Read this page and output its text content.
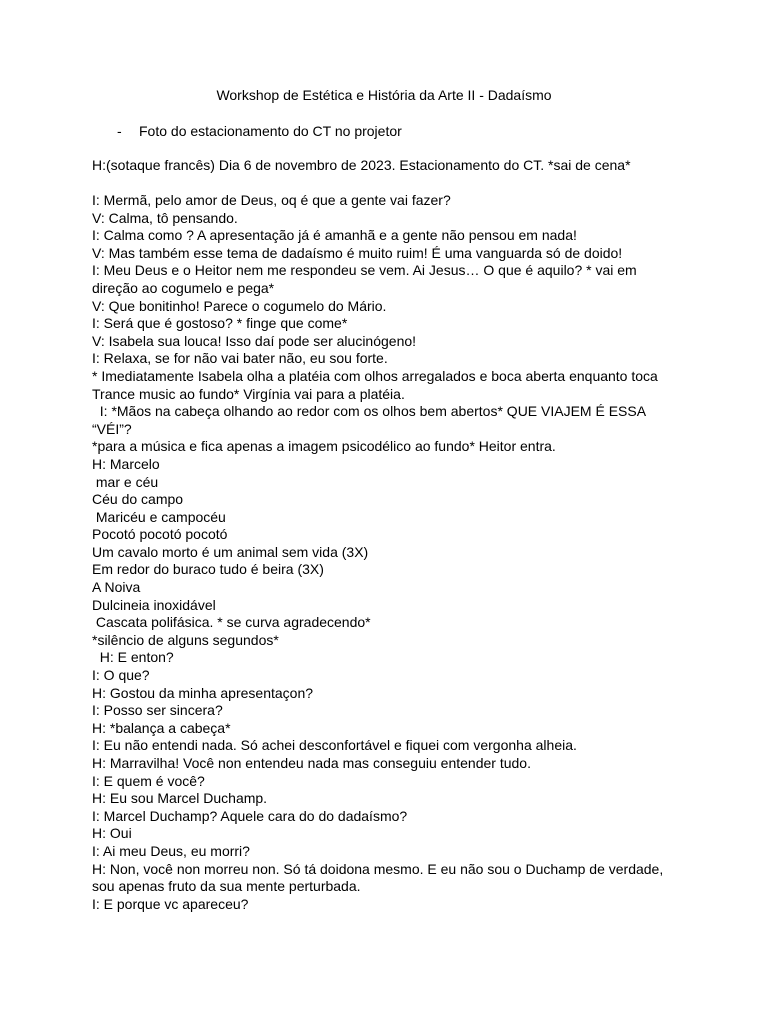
Workshop de Estética e História da Arte II - Dadaísmo
- Foto do estacionamento do CT no projetor
H:(sotaque francês) Dia 6 de novembro de 2023. Estacionamento do CT. *sai de cena*
I: Mermã, pelo amor de Deus, oq é que a gente vai fazer?
V: Calma, tô pensando.
I: Calma como ? A apresentação já é amanhã e a gente não pensou em nada!
V: Mas também esse tema de dadaísmo é muito ruim! É uma vanguarda só de doido!
I: Meu Deus e o Heitor nem me respondeu se vem. Ai Jesus… O que é aquilo? * vai em
direção ao cogumelo e pega*
V: Que bonitinho! Parece o cogumelo do Mário.
I: Será que é gostoso? * finge que come*
V: Isabela sua louca! Isso daí pode ser alucinógeno!
I: Relaxa, se for não vai bater não, eu sou forte.
* Imediatamente Isabela olha a platéia com olhos arregalados e boca aberta enquanto toca
Trance music ao fundo* Virgínia vai para a platéia.
I: *Mãos na cabeça olhando ao redor com os olhos bem abertos* QUE VIAJEM É ESSA
“VÉI”?
*para a música e fica apenas a imagem psicodélico ao fundo* Heitor entra.
H: Marcelo
mar e céu
Céu do campo
Maricéu e campocéu
Pocotó pocotó pocotó
Um cavalo morto é um animal sem vida (3X)
Em redor do buraco tudo é beira (3X)
A Noiva
Dulcineia inoxidável
Cascata polifásica. * se curva agradecendo*
*silêncio de alguns segundos*
H: E enton?
I: O que?
H: Gostou da minha apresentaçon?
I: Posso ser sincera?
H: *balança a cabeça*
I: Eu não entendi nada. Só achei desconfortável e fiquei com vergonha alheia.
H: Marravilha! Você non entendeu nada mas conseguiu entender tudo.
I: E quem é você?
H: Eu sou Marcel Duchamp.
I: Marcel Duchamp? Aquele cara do do dadaísmo?
H: Oui
I: Ai meu Deus, eu morri?
H: Non, você non morreu non. Só tá doidona mesmo. E eu não sou o Duchamp de verdade,
sou apenas fruto da sua mente perturbada.
I: E porque vc apareceu?
